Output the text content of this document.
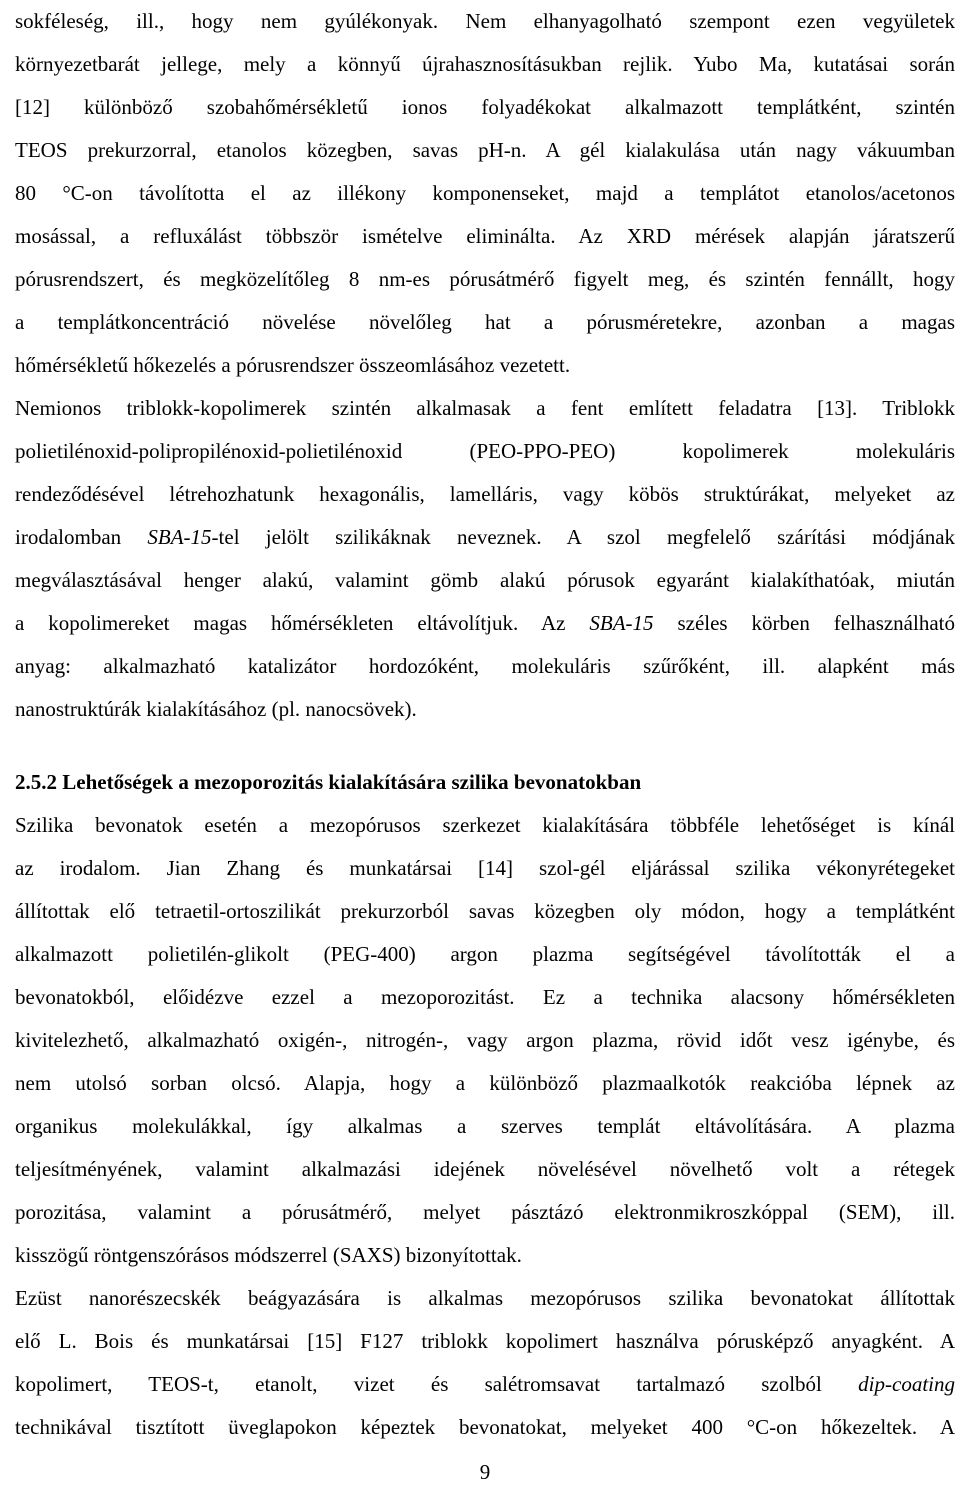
sokféleség, ill., hogy nem gyúlékonyak. Nem elhanyagolható szempont ezen vegyületek
környezetbarát jellege, mely a könnyű újrahasznosításukban rejlik. Yubo Ma, kutatásai során
[12] különböző szobahőmérsékletű ionos folyadékokat alkalmazott templátként, szintén
TEOS prekurzorral, etanolos közegben, savas pH-n. A gél kialakulása után nagy vákuumban
80 °C-on távolította el az illékony komponenseket, majd a templátot etanolos/acetonos
mosással, a refluxálást többször ismételve eliminálta. Az XRD mérések alapján járatszerű
pórusrendszert, és megközelítőleg 8 nm-es pórusátmérő figyelt meg, és szintén fennállt, hogy
a templátkoncentráció növelése növelőleg hat a pórusméretekre, azonban a magas
hőmérsékletű hőkezelés a pórusrendszer összeomlásához vezetett.
Nemionos triblokk-kopolimerek szintén alkalmasak a fent említett feladatra [13]. Triblokk
polietilénoxid-polipropilénoxid-polietilénoxid (PEO-PPO-PEO) kopolimerek molekuláris
rendeződésével létrehozhatunk hexagonális, lamelláris, vagy köbös struktúrákat, melyeket az
irodalomban SBA-15-tel jelölt szilikáknak neveznek. A szol megfelelő szárítási módjának
megválasztásával henger alakú, valamint gömb alakú pórusok egyaránt kialakíthatóak, miután
a kopolimereket magas hőmérsékleten eltávolítjuk. Az SBA-15 széles körben felhasználható
anyag: alkalmazható katalizátor hordozóként, molekuláris szűrőként, ill. alapként más
nanostruktúrák kialakításához (pl. nanocsövek).
2.5.2 Lehetőségek a mezoporozitás kialakítására szilika bevonatokban
Szilika bevonatok esetén a mezopórusos szerkezet kialakítására többféle lehetőséget is kínál
az irodalom. Jian Zhang és munkatársai [14] szol-gél eljárással szilika vékonyrétegeket
állítottak elő tetraetil-ortoszilikát prekurzorból savas közegben oly módon, hogy a templátként
alkalmazott polietilén-glikolt (PEG-400) argon plazma segítségével távolították el a
bevonatokból, előidézve ezzel a mezoporozitást. Ez a technika alacsony hőmérsékleten
kivitelezhető, alkalmazható oxigén-, nitrogén-, vagy argon plazma, rövid időt vesz igénybe, és
nem utolsó sorban olcsó. Alapja, hogy a különböző plazmaalkotók reakcióba lépnek az
organikus molekulákkal, így alkalmas a szerves templát eltávolítására. A plazma
teljesítményének, valamint alkalmazási idejének növelésével növelhető volt a rétegek
porozitása, valamint a pórusátmérő, melyet pásztázó elektronmikroszkóppal (SEM), ill.
kisszögű röntgenszórásos módszerrel (SAXS) bizonyítottak.
Ezüst nanorészecskék beágyazására is alkalmas mezopórusos szilika bevonatokat állítottak
elő L. Bois és munkatársai [15] F127 triblokk kopolimert használva pórusképző anyagként. A
kopolimert, TEOS-t, etanolt, vizet és salétromsavat tartalmazó szolból dip-coating
technikával tisztított üveglapokon képeztek bevonatokat, melyeket 400 °C-on hőkezeltek. A
9
